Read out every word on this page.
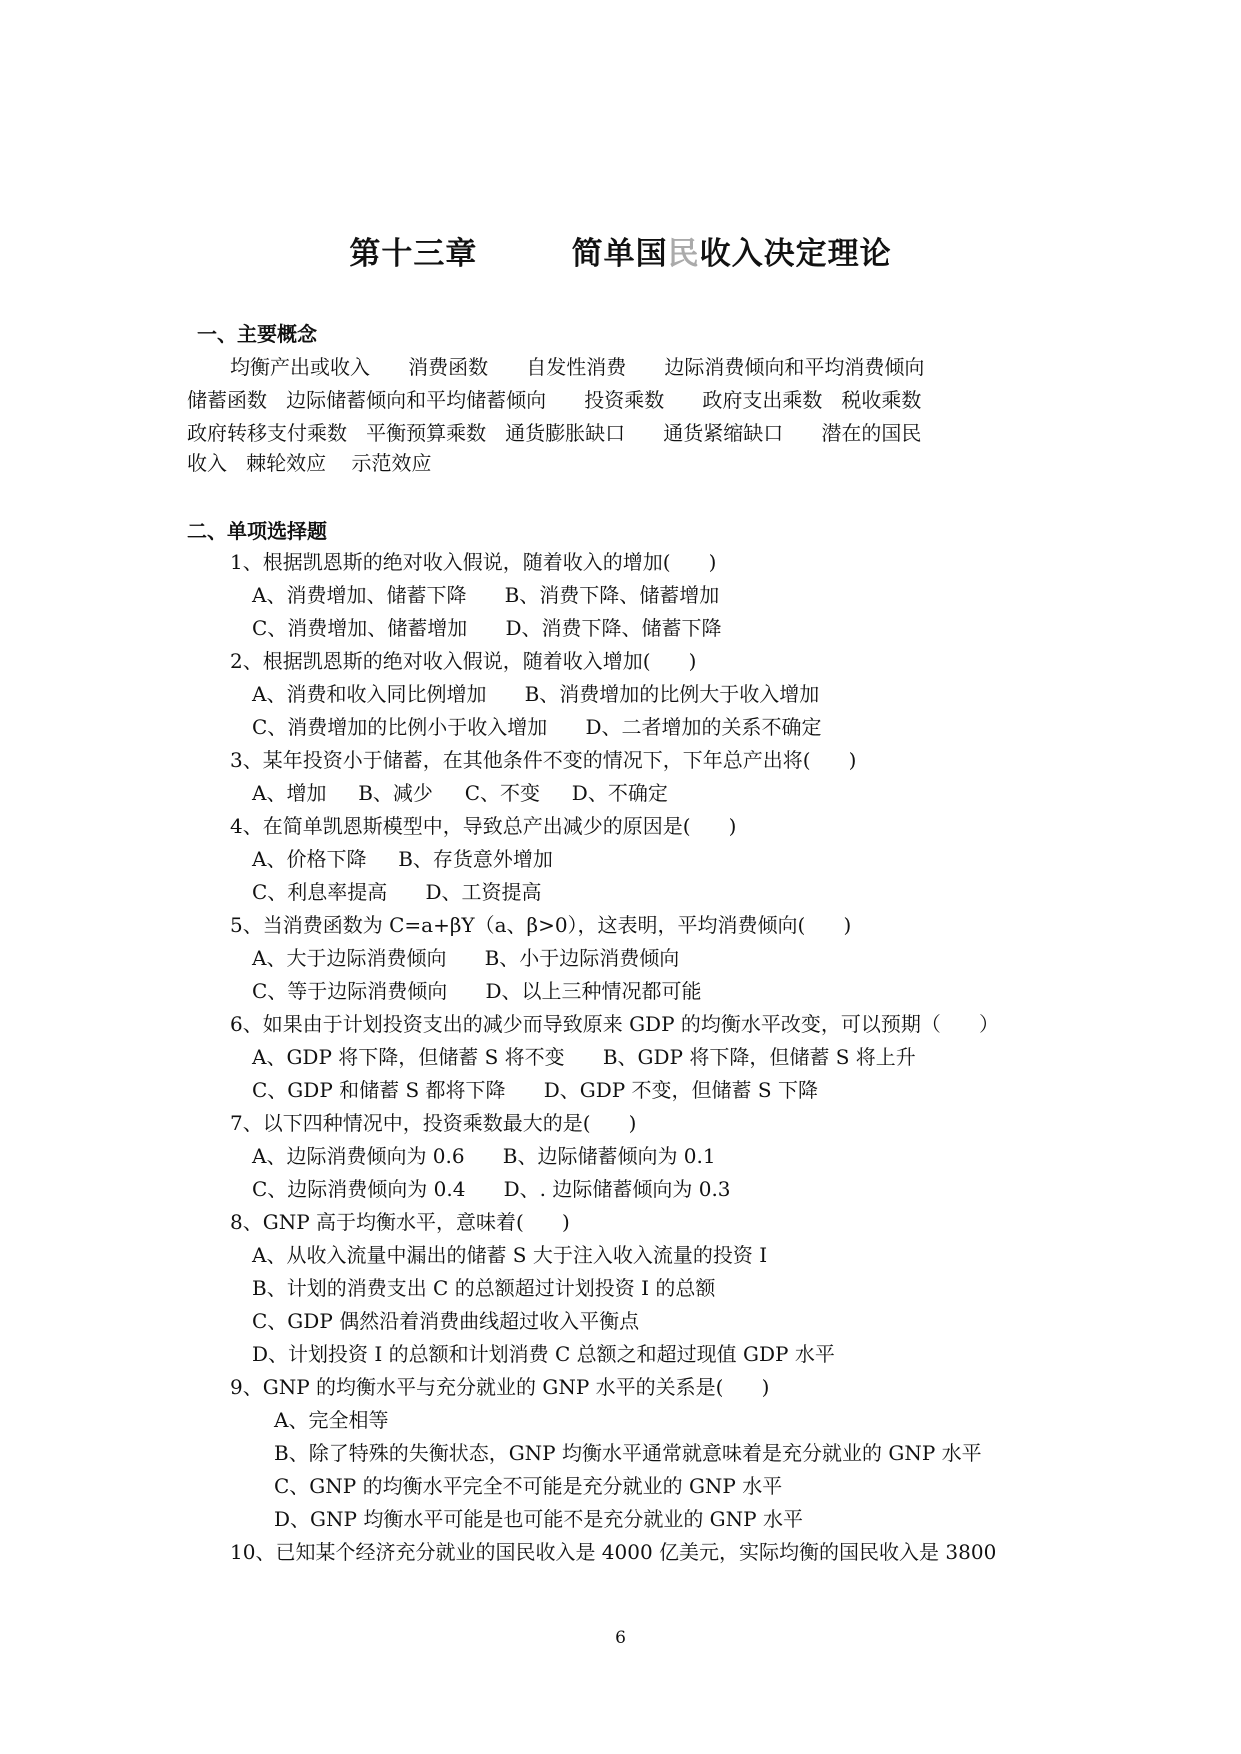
第十三章	简单国民收入决定理论
一、主要概念
均衡产出或收入      消费函数      自发性消费      边际消费倾向和平均消费倾向
储蓄函数   边际储蓄倾向和平均储蓄倾向      投资乘数      政府支出乘数   税收乘数
政府转移支付乘数   平衡预算乘数   通货膨胀缺口      通货紧缩缺口      潜在的国民
收入   棘轮效应    示范效应
二、单项选择题
1、根据凯恩斯的绝对收入假说，随着收入的增加(      )
A、消费增加、储蓄下降      B、消费下降、储蓄增加
C、消费增加、储蓄增加      D、消费下降、储蓄下降
2、根据凯恩斯的绝对收入假说，随着收入增加(      )
A、消费和收入同比例增加      B、消费增加的比例大于收入增加
C、消费增加的比例小于收入增加      D、二者增加的关系不确定
3、某年投资小于储蓄，在其他条件不变的情况下，下年总产出将(      )
A、增加     B、减少     C、不变     D、不确定
4、在简单凯恩斯模型中，导致总产出减少的原因是(      )
A、价格下降     B、存货意外增加
C、利息率提高      D、工资提高
5、当消费函数为 C=a+βY（a、β>0），这表明，平均消费倾向(      )
A、大于边际消费倾向      B、小于边际消费倾向
C、等于边际消费倾向      D、以上三种情况都可能
6、如果由于计划投资支出的减少而导致原来 GDP 的均衡水平改变，可以预期（      ）
A、GDP 将下降，但储蓄 S 将不变      B、GDP 将下降，但储蓄 S 将上升
C、GDP 和储蓄 S 都将下降      D、GDP 不变，但储蓄 S 下降
7、以下四种情况中，投资乘数最大的是(      )
A、边际消费倾向为 0.6      B、边际储蓄倾向为 0.1
C、边际消费倾向为 0.4      D、. 边际储蓄倾向为 0.3
8、GNP 高于均衡水平，意味着(      )
A、从收入流量中漏出的储蓄 S 大于注入收入流量的投资 I
B、计划的消费支出 C 的总额超过计划投资 I 的总额
C、GDP 偶然沿着消费曲线超过收入平衡点
D、计划投资 I 的总额和计划消费 C 总额之和超过现值 GDP 水平
9、GNP 的均衡水平与充分就业的 GNP 水平的关系是(      )
A、完全相等
B、除了特殊的失衡状态，GNP 均衡水平通常就意味着是充分就业的 GNP 水平
C、GNP 的均衡水平完全不可能是充分就业的 GNP 水平
D、GNP 均衡水平可能是也可能不是充分就业的 GNP 水平
10、已知某个经济充分就业的国民收入是 4000 亿美元，实际均衡的国民收入是 3800
6
